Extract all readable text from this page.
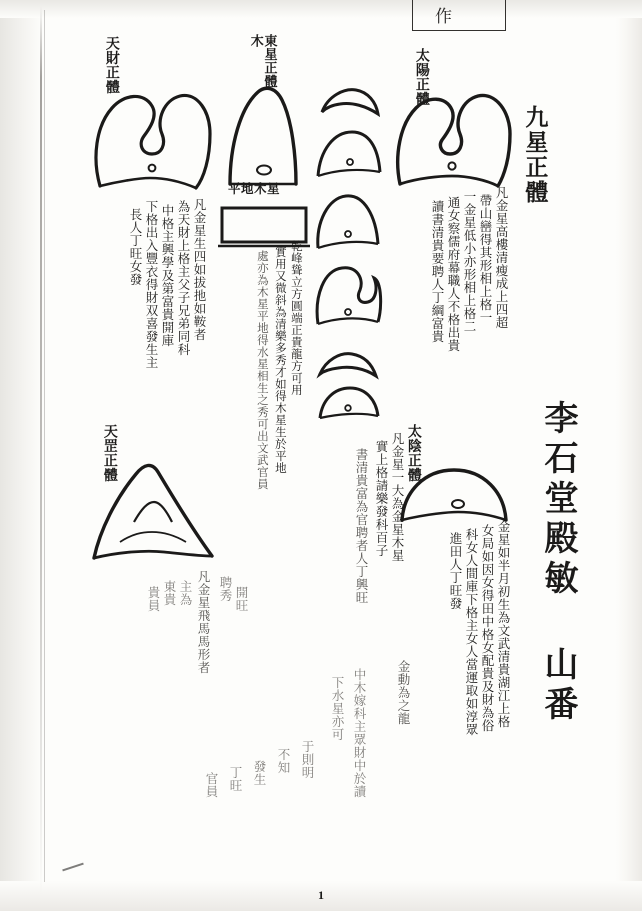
作
天財正體	東星正體木
太陽正體
平地木星
天罡正體	太陰正體
九星正體
李石堂殿敏 山番
凡金星高樓清瘦成上四超
帶山巒得其形相上格一
一金星低小亦形相上格二
通女察儒府幕職人不格出貴
讀書清貴要聘人丁綱富貴
凡金星生四如拔扡如鞍者
為天財上格主父子兄弟同科
中格主興學及第富貴開庫
下格出入豐衣得財双喜發生主
長人丁旺女發	乾峰聳立方圓端正貴龍方可用
實用又微斜為清樂多秀才如得木星生於平地
處亦為木星平地得水星相生之秀可出文武官員
凡金星一大為金星木星
實上格請樂發科百子
書清貴富為官聘者人丁興旺	金星如半月初生為文武清貴湖江上格
女局如因女得田中格女配貴及財為俗
科女人間庫下格主女人當運取如淳眾
進田人丁旺發
凡金星飛馬馬形者
主為
東貴
貴員	聘秀 開旺
金動為之龍
中木嫁科主眾財中於讀
下水星亦可
于則明
不知
發生
丁旺
官員
1
